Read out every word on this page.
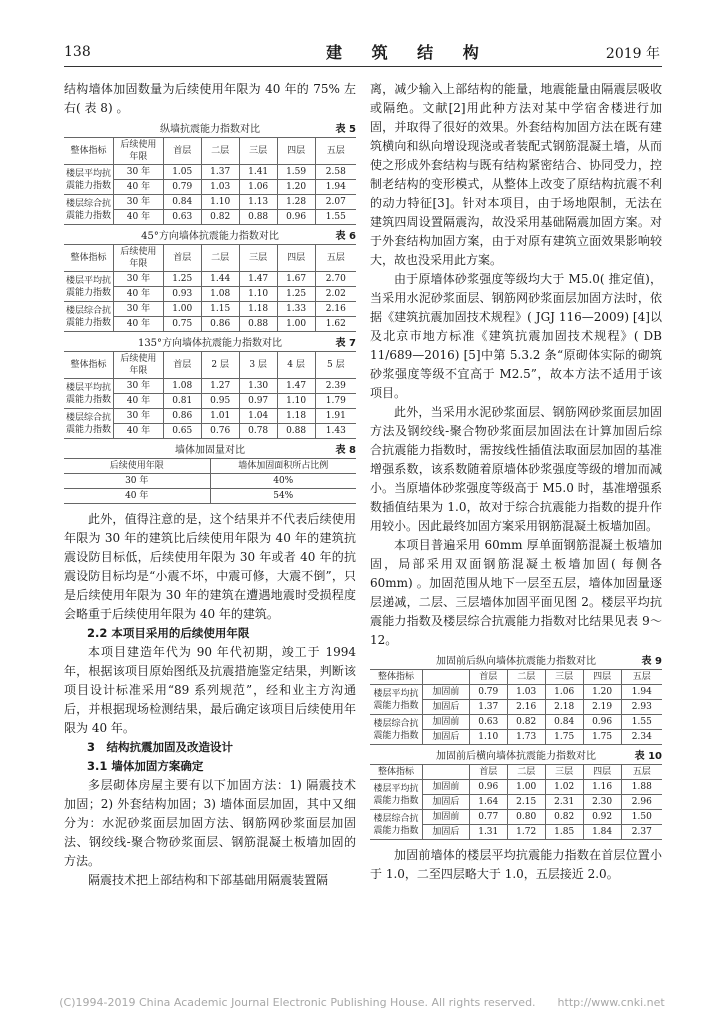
138	建 筑 结 构	2019 年

结构墙体加固数量为后续使用年限为 40 年的 75% 左右( 表 8) 。

纵墙抗震能力指数对比	表 5
整体指标	后续使用年限	首层	二层	三层	四层	五层
楼层平均抗震能力指数	30 年	1.05	1.37	1.41	1.59	2.58
	40 年	0.79	1.03	1.06	1.20	1.94
楼层综合抗震能力指数	30 年	0.84	1.10	1.13	1.28	2.07
	40 年	0.63	0.82	0.88	0.96	1.55
45°方向墙体抗震能力指数对比	表 6
整体指标	后续使用年限	首层	二层	三层	四层	五层
楼层平均抗震能力指数	30 年	1.25	1.44	1.47	1.67	2.70
	40 年	0.93	1.08	1.10	1.25	2.02
楼层综合抗震能力指数	30 年	1.00	1.15	1.18	1.33	2.16
	40 年	0.75	0.86	0.88	1.00	1.62
135°方向墙体抗震能力指数对比	表 7
整体指标	后续使用年限	首层	2 层	3 层	4 层	5 层
楼层平均抗震能力指数	30 年	1.08	1.27	1.30	1.47	2.39
	40 年	0.81	0.95	0.97	1.10	1.79
楼层综合抗震能力指数	30 年	0.86	1.01	1.04	1.18	1.91
	40 年	0.65	0.76	0.78	0.88	1.43
墙体加固量对比	表 8
后续使用年限	墙体加固面积所占比例
30 年	40%
40 年	54%

此外，值得注意的是，这个结果并不代表后续使用年限为 30 年的建筑比后续使用年限为 40 年的建筑抗震设防目标低，后续使用年限为 30 年或者 40 年的抗震设防目标均是“小震不坏，中震可修，大震不倒”，只是后续使用年限为 30 年的建筑在遭遇地震时受损程度会略重于后续使用年限为 40 年的建筑。

2.2 本项目采用的后续使用年限

本项目建造年代为 90 年代初期，竣工于 1994 年，根据该项目原始图纸及抗震措施鉴定结果，判断该项目设计标准采用“89 系列规范”，经和业主方沟通后，并根据现场检测结果，最后确定该项目后续使用年限为 40 年。

3　结构抗震加固及改造设计

3.1 墙体加固方案确定

多层砌体房屋主要有以下加固方法：1) 隔震技术加固；2) 外套结构加固；3) 墙体面层加固，其中又细分为：水泥砂浆面层加固方法、钢筋网砂浆面层加固法、钢绞线-聚合物砂浆面层、钢筋混凝土板墙加固的方法。

隔震技术把上部结构和下部基础用隔震装置隔

离，减少输入上部结构的能量，地震能量由隔震层吸收或隔绝。文献[2]用此种方法对某中学宿舍楼进行加固，并取得了很好的效果。外套结构加固方法在既有建筑横向和纵向增设现浇或者装配式钢筋混凝土墙，从而使之形成外套结构与既有结构紧密结合、协同受力，控制老结构的变形模式，从整体上改变了原结构抗震不利的动力特征[3]。针对本项目，由于场地限制，无法在建筑四周设置隔震沟，故没采用基础隔震加固方案。对于外套结构加固方案，由于对原有建筑立面效果影响较大，故也没采用此方案。

由于原墙体砂浆强度等级均大于 M5.0( 推定值)，当采用水泥砂浆面层、钢筋网砂浆面层加固方法时，依据《建筑抗震加固技术规程》( JGJ 116—2009) [4]以及北京市地方标准《建筑抗震加固技术规程》( DB 11/689—2016) [5]中第 5.3.2 条“原砌体实际的砌筑砂浆强度等级不宜高于 M2.5”，故本方法不适用于该项目。

此外，当采用水泥砂浆面层、钢筋网砂浆面层加固方法及钢绞线-聚合物砂浆面层加固法在计算加固后综合抗震能力指数时，需按线性插值法取面层加固的基准增强系数，该系数随着原墙体砂浆强度等级的增加而减小。当原墙体砂浆强度等级高于 M5.0 时，基准增强系数插值结果为 1.0，故对于综合抗震能力指数的提升作用较小。因此最终加固方案采用钢筋混凝土板墙加固。

本项目普遍采用 60mm 厚单面钢筋混凝土板墙加固，局部采用双面钢筋混凝土板墙加固( 每侧各 60mm) 。加固范围从地下一层至五层，墙体加固量逐层递减，二层、三层墙体加固平面见图 2。楼层平均抗震能力指数及楼层综合抗震能力指数对比结果见表 9～12。

加固前后纵向墙体抗震能力指数对比	表 9
整体指标		首层	二层	三层	四层	五层
楼层平均抗震能力指数	加固前	0.79	1.03	1.06	1.20	1.94
	加固后	1.37	2.16	2.18	2.19	2.93
楼层综合抗震能力指数	加固前	0.63	0.82	0.84	0.96	1.55
	加固后	1.10	1.73	1.75	1.75	2.34
加固前后横向墙体抗震能力指数对比	表 10
整体指标		首层	二层	三层	四层	五层
楼层平均抗震能力指数	加固前	0.96	1.00	1.02	1.16	1.88
	加固后	1.64	2.15	2.31	2.30	2.96
楼层综合抗震能力指数	加固前	0.77	0.80	0.82	0.92	1.50
	加固后	1.31	1.72	1.85	1.84	2.37

加固前墙体的楼层平均抗震能力指数在首层位置小于 1.0，二至四层略大于 1.0，五层接近 2.0。

(C)1994-2019 China Academic Journal Electronic Publishing House. All rights reserved.　　http://www.cnki.net
